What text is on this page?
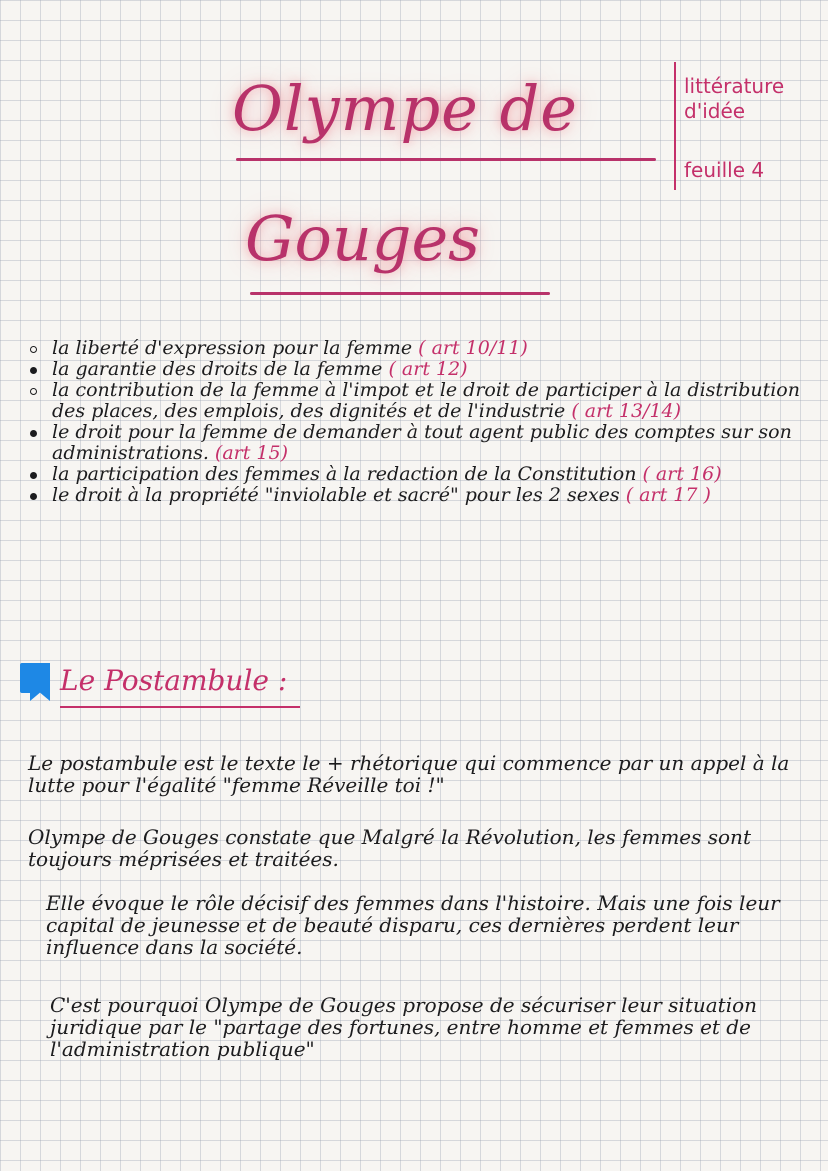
Olympe de
Gouges
littérature
d'idée
feuille 4
la liberté d'expression pour la femme ( art 10/11)
la garantie des droits de la femme ( art 12)
la contribution de la femme à l'impot et le droit de participer à la distribution des places, des emplois, des dignités et de l'industrie ( art 13/14)
le droit pour la femme de demander à tout agent public des comptes sur son administrations. (art 15)
la participation des femmes à la redaction de la Constitution ( art 16)
le droit à la propriété "inviolable et sacré" pour les 2 sexes ( art 17 )
Le Postambule :

Le postambule est le texte le + rhétorique qui commence par un appel à la lutte pour l'égalité "femme Réveille toi !"

Olympe de Gouges constate que Malgré la Révolution, les femmes sont toujours méprisées et traitées.

Elle évoque le rôle décisif des femmes dans l'histoire. Mais une fois leur capital de jeunesse et de beauté disparu, ces dernières perdent leur influence dans la société.

C'est pourquoi Olympe de Gouges propose de sécuriser leur situation juridique par le "partage des fortunes, entre homme et femmes et de l'administration publique"
